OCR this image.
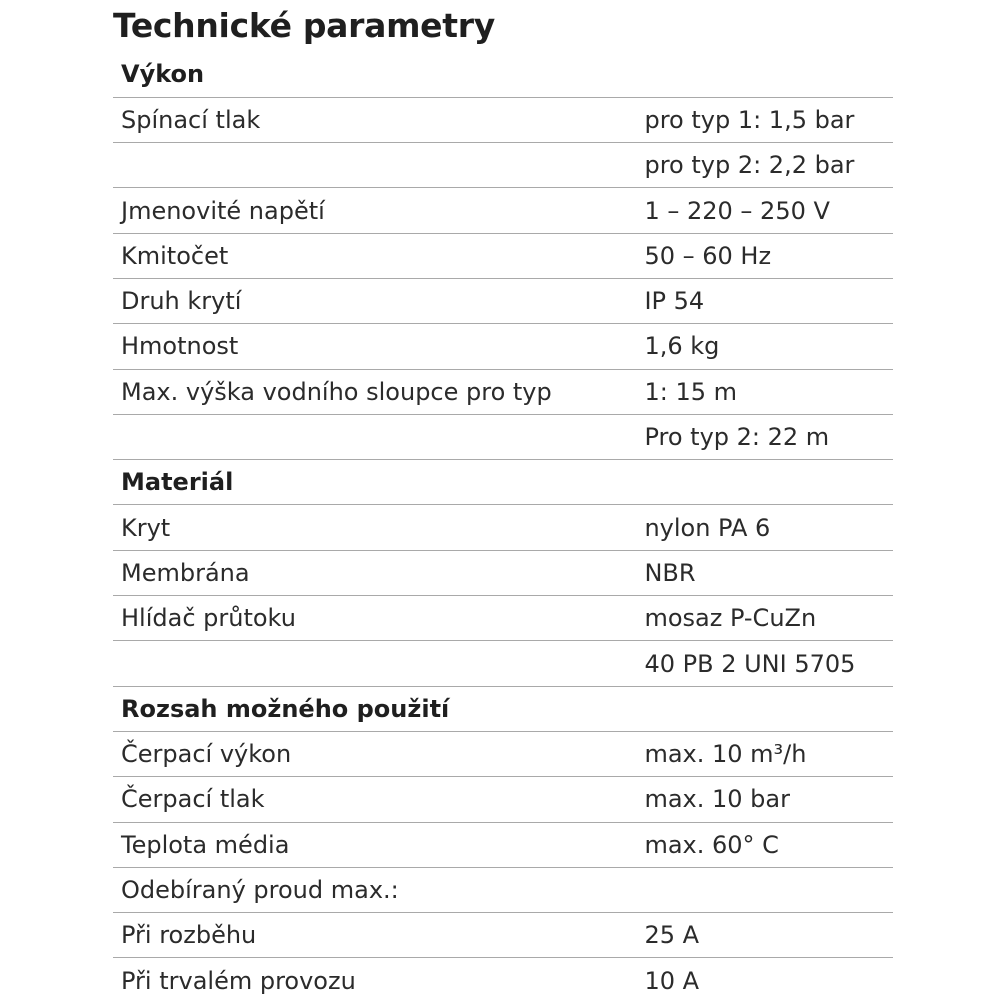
Technické parametry
Výkon	
Spínací tlak	pro typ 1: 1,5 bar
	pro typ 2: 2,2 bar
Jmenovité napětí	1 – 220 – 250 V
Kmitočet	50 – 60 Hz
Druh krytí	IP 54
Hmotnost	1,6 kg
Max. výška vodního sloupce pro typ	1: 15 m
	Pro typ 2: 22 m
Materiál	
Kryt	nylon PA 6
Membrána	NBR
Hlídač průtoku	mosaz P-CuZn
	40 PB 2 UNI 5705
Rozsah možného použití	
Čerpací výkon	max. 10 m³/h
Čerpací tlak	max. 10 bar
Teplota média	max. 60° C
Odebíraný proud max.:	
Při rozběhu	25 A
Při trvalém provozu	10 A
